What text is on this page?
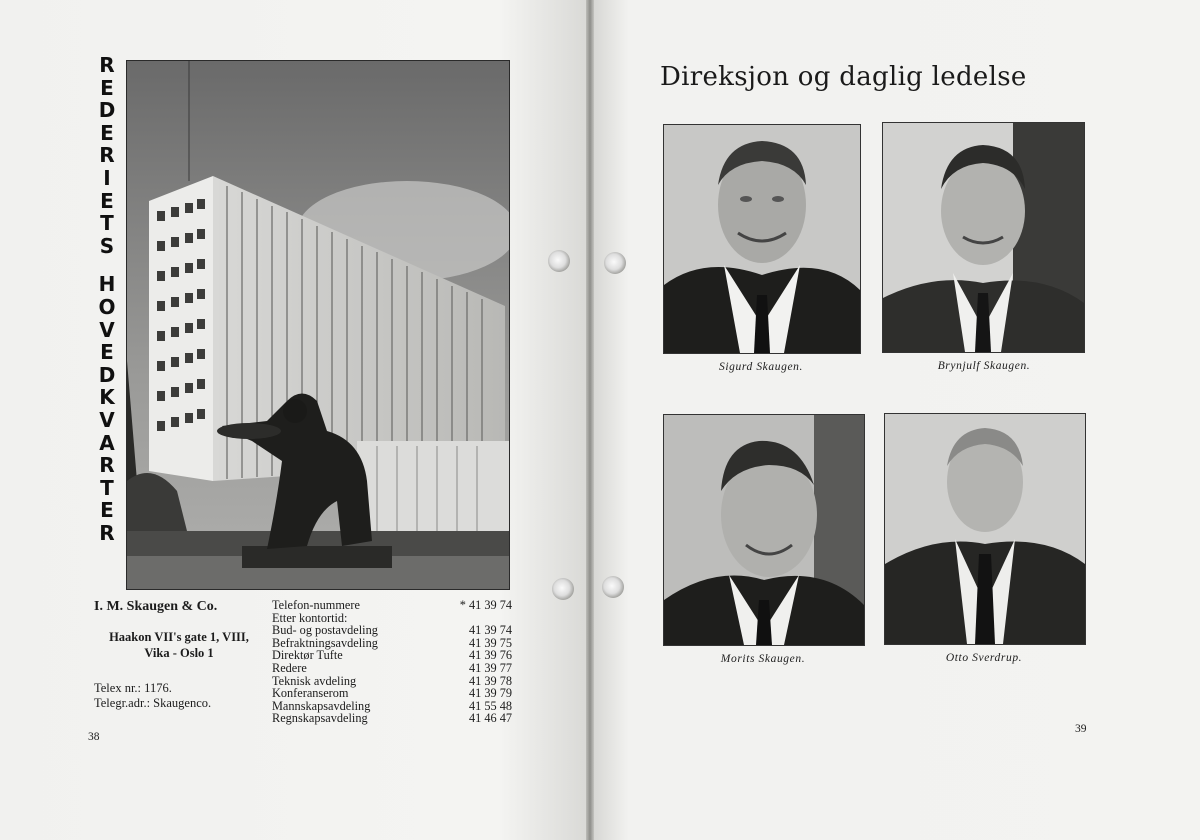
R
E
D
E
R
I
E
T
S
H
O
V
E
D
K
V
A
R
T
E
R
I. M. Skaugen & Co.
Haakon VII's gate 1, VIII,
Vika - Oslo 1
Telex nr.: 1176.
Telegr.adr.: Skaugenco.
Telefon-nummere	* 41 39 74
Etter kontortid:
Bud- og postavdeling	41 39 74
Befraktningsavdeling	41 39 75
Direktør Tufte	41 39 76
Redere	41 39 77
Teknisk avdeling	41 39 78
Konferanserom	41 39 79
Mannskapsavdeling	41 55 48
Regnskapsavdeling	41 46 47
38
Direksjon og daglig ledelse
Sigurd Skaugen.	Brynjulf Skaugen.
Morits Skaugen.	Otto Sverdrup.
39
